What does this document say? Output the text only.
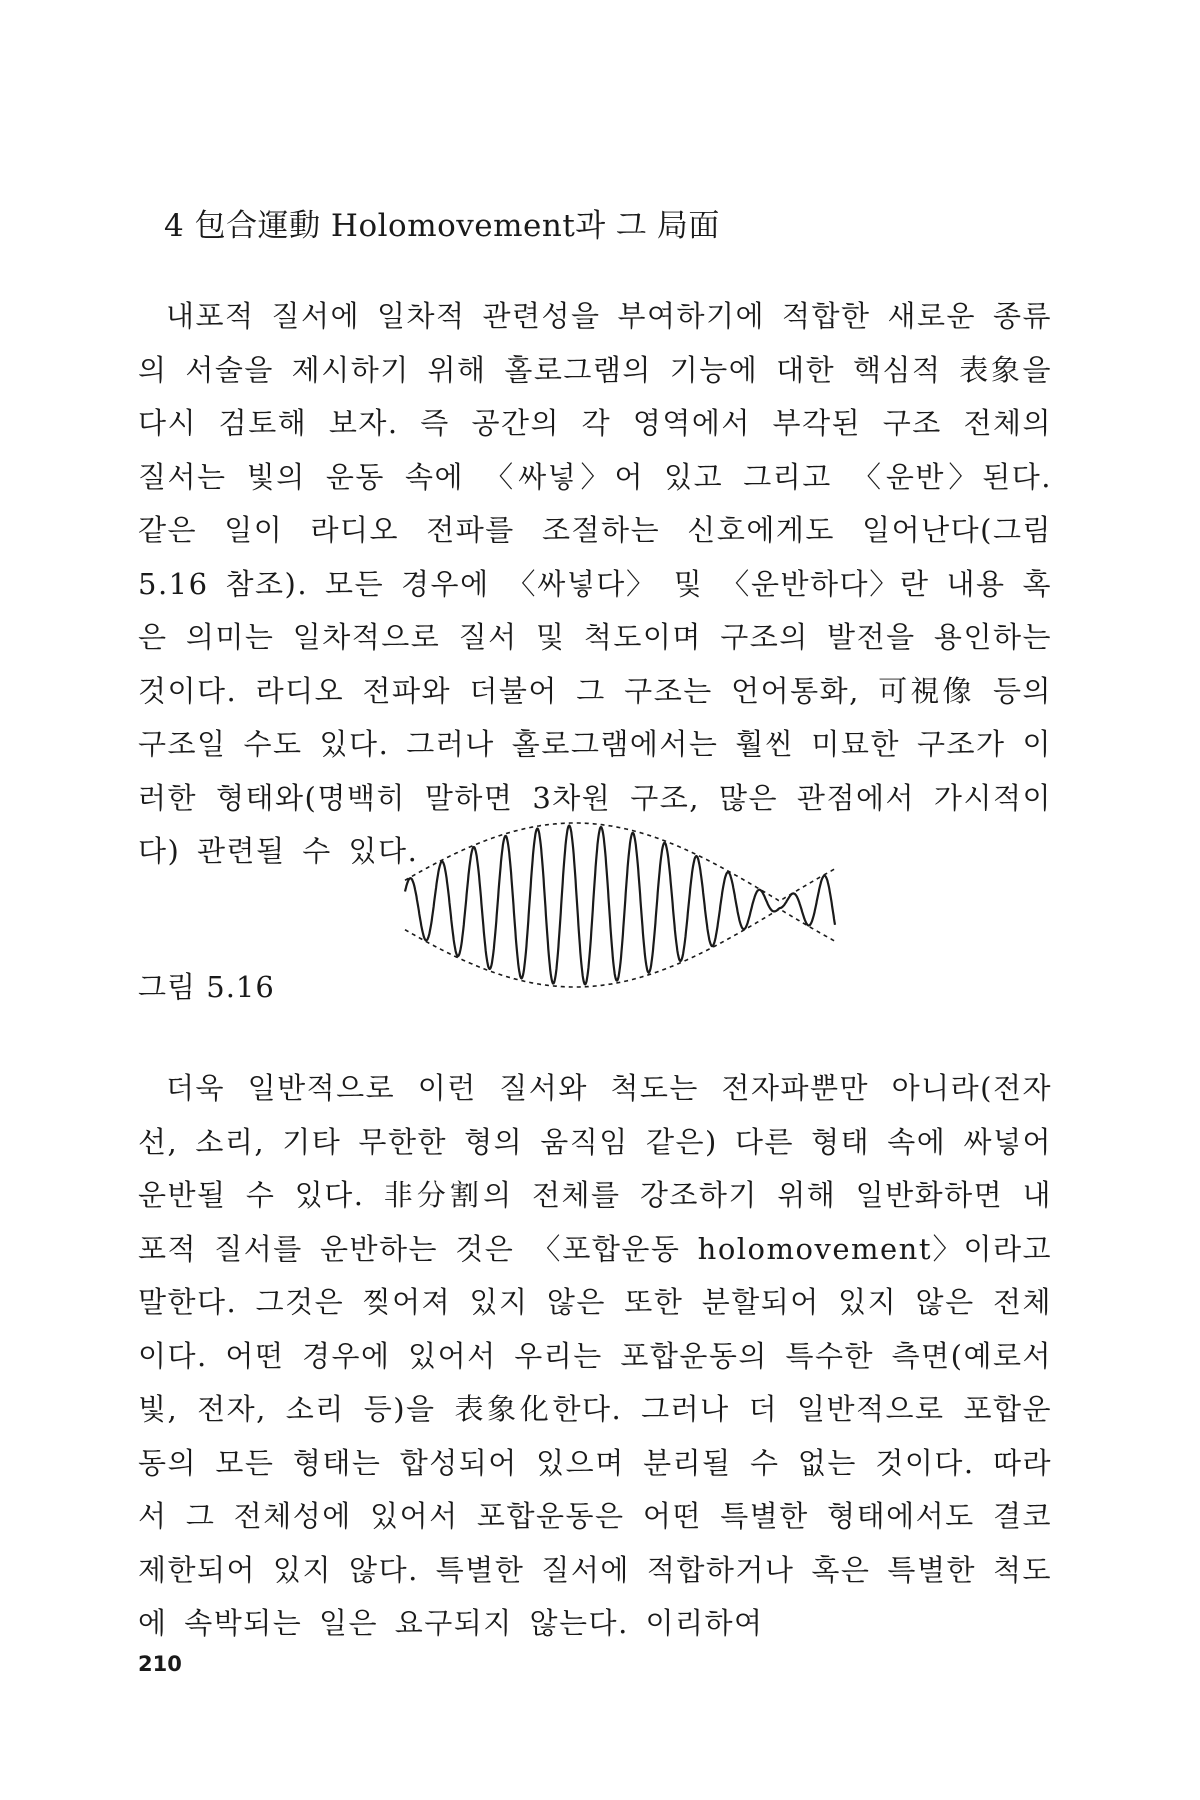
4 包合運動 Holomovement과 그 局面

내포적 질서에 일차적 관련성을 부여하기에 적합한 새로운 종류의 서술을 제시하기 위해 홀로그램의 기능에 대한 핵심적 表象을 다시 검토해 보자. 즉 공간의 각 영역에서 부각된 구조 전체의 질서는 빛의 운동 속에 〈싸넣〉어 있고 그리고 〈운반〉된다. 같은 일이 라디오 전파를 조절하는 신호에게도 일어난다(그림 5.16 참조). 모든 경우에 〈싸넣다〉 및 〈운반하다〉란 내용 혹은 의미는 일차적으로 질서 및 척도이며 구조의 발전을 용인하는 것이다. 라디오 전파와 더불어 그 구조는 언어통화, 可視像 등의 구조일 수도 있다. 그러나 홀로그램에서는 훨씬 미묘한 구조가 이러한 형태와(명백히 말하면 3차원 구조, 많은 관점에서 가시적이다) 관련될 수 있다.

그림 5.16

더욱 일반적으로 이런 질서와 척도는 전자파뿐만 아니라(전자선, 소리, 기타 무한한 형의 움직임 같은) 다른 형태 속에 싸넣어 운반될 수 있다. 非分割의 전체를 강조하기 위해 일반화하면 내포적 질서를 운반하는 것은 〈포합운동 holomovement〉이라고 말한다. 그것은 찢어져 있지 않은 또한 분할되어 있지 않은 전체이다. 어떤 경우에 있어서 우리는 포합운동의 특수한 측면(예로서 빛, 전자, 소리 등)을 表象化한다. 그러나 더 일반적으로 포합운동의 모든 형태는 합성되어 있으며 분리될 수 없는 것이다. 따라서 그 전체성에 있어서 포합운동은 어떤 특별한 형태에서도 결코 제한되어 있지 않다. 특별한 질서에 적합하거나 혹은 특별한 척도에 속박되는 일은 요구되지 않는다. 이리하여

210
